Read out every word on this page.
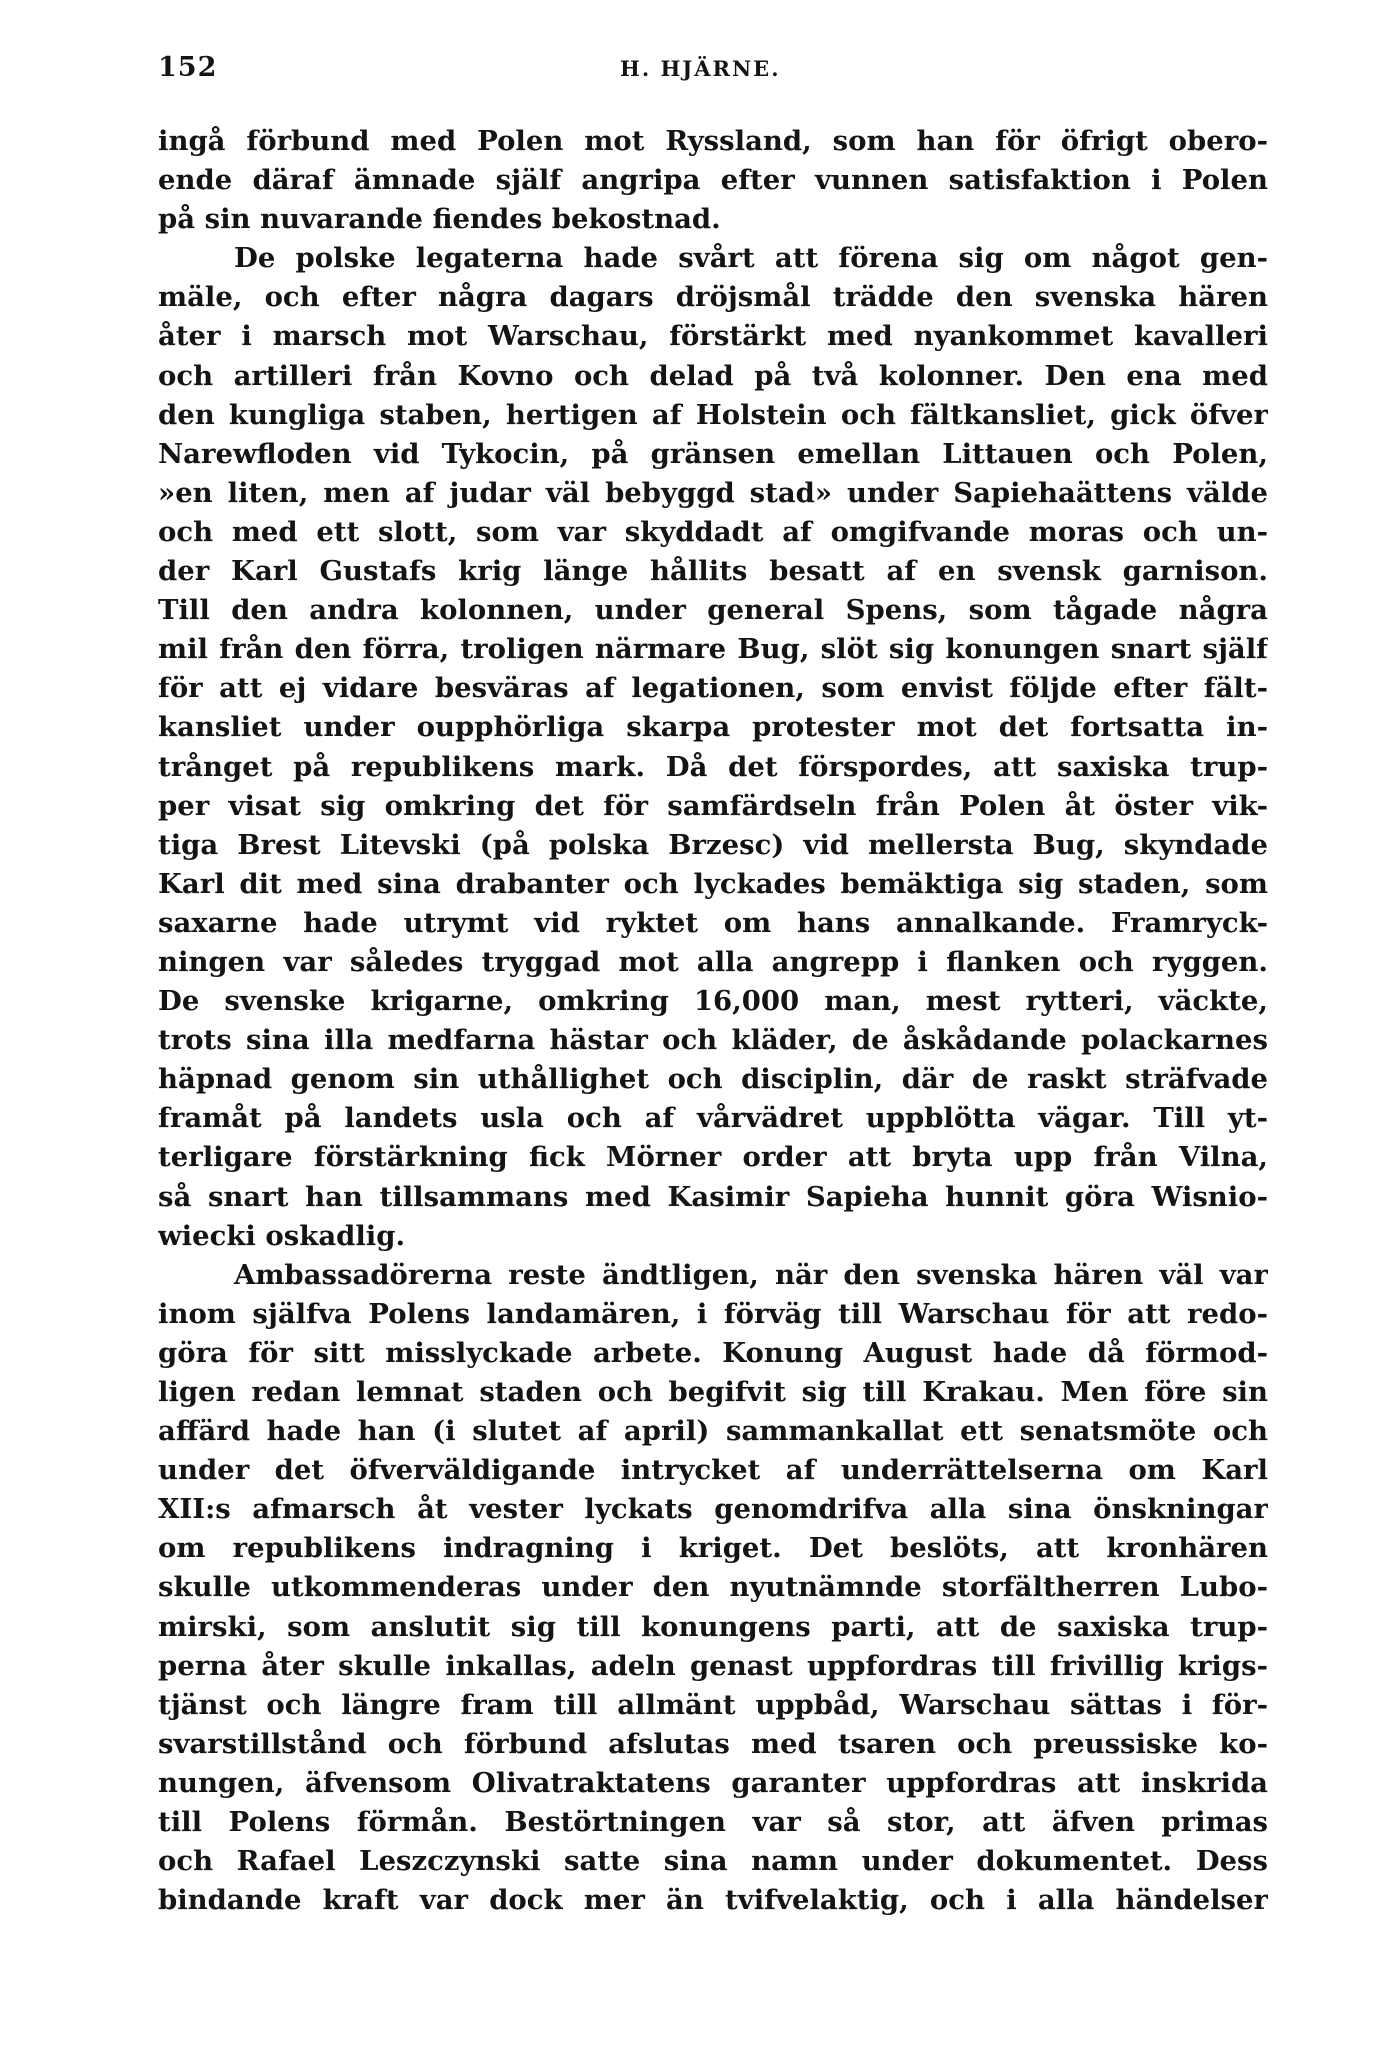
152	H. HJÄRNE.
ingå förbund med Polen mot Ryssland, som han för öfrigt obero-
ende däraf ämnade själf angripa efter vunnen satisfaktion i Polen
på sin nuvarande fiendes bekostnad.
De polske legaterna hade svårt att förena sig om något gen-
mäle, och efter några dagars dröjsmål trädde den svenska hären
åter i marsch mot Warschau, förstärkt med nyankommet kavalleri
och artilleri från Kovno och delad på två kolonner. Den ena med
den kungliga staben, hertigen af Holstein och fältkansliet, gick öfver
Narewfloden vid Tykocin, på gränsen emellan Littauen och Polen,
»en liten, men af judar väl bebyggd stad» under Sapiehaättens välde
och med ett slott, som var skyddadt af omgifvande moras och un-
der Karl Gustafs krig länge hållits besatt af en svensk garnison.
Till den andra kolonnen, under general Spens, som tågade några
mil från den förra, troligen närmare Bug, slöt sig konungen snart själf
för att ej vidare besväras af legationen, som envist följde efter fält-
kansliet under oupphörliga skarpa protester mot det fortsatta in-
trånget på republikens mark. Då det förspordes, att saxiska trup-
per visat sig omkring det för samfärdseln från Polen åt öster vik-
tiga Brest Litevski (på polska Brzesc) vid mellersta Bug, skyndade
Karl dit med sina drabanter och lyckades bemäktiga sig staden, som
saxarne hade utrymt vid ryktet om hans annalkande. Framryck-
ningen var således tryggad mot alla angrepp i flanken och ryggen.
De svenske krigarne, omkring 16,000 man, mest rytteri, väckte,
trots sina illa medfarna hästar och kläder, de åskådande polackarnes
häpnad genom sin uthållighet och disciplin, där de raskt sträfvade
framåt på landets usla och af vårvädret uppblötta vägar. Till yt-
terligare förstärkning fick Mörner order att bryta upp från Vilna,
så snart han tillsammans med Kasimir Sapieha hunnit göra Wisnio-
wiecki oskadlig.
Ambassadörerna reste ändtligen, när den svenska hären väl var
inom själfva Polens landamären, i förväg till Warschau för att redo-
göra för sitt misslyckade arbete. Konung August hade då förmod-
ligen redan lemnat staden och begifvit sig till Krakau. Men före sin
affärd hade han (i slutet af april) sammankallat ett senatsmöte och
under det öfverväldigande intrycket af underrättelserna om Karl
XII:s afmarsch åt vester lyckats genomdrifva alla sina önskningar
om republikens indragning i kriget. Det beslöts, att kronhären
skulle utkommenderas under den nyutnämnde storfältherren Lubo-
mirski, som anslutit sig till konungens parti, att de saxiska trup-
perna åter skulle inkallas, adeln genast uppfordras till frivillig krigs-
tjänst och längre fram till allmänt uppbåd, Warschau sättas i för-
svarstillstånd och förbund afslutas med tsaren och preussiske ko-
nungen, äfvensom Olivatraktatens garanter uppfordras att inskrida
till Polens förmån. Bestörtningen var så stor, att äfven primas
och Rafael Leszczynski satte sina namn under dokumentet. Dess
bindande kraft var dock mer än tvifvelaktig, och i alla händelser
